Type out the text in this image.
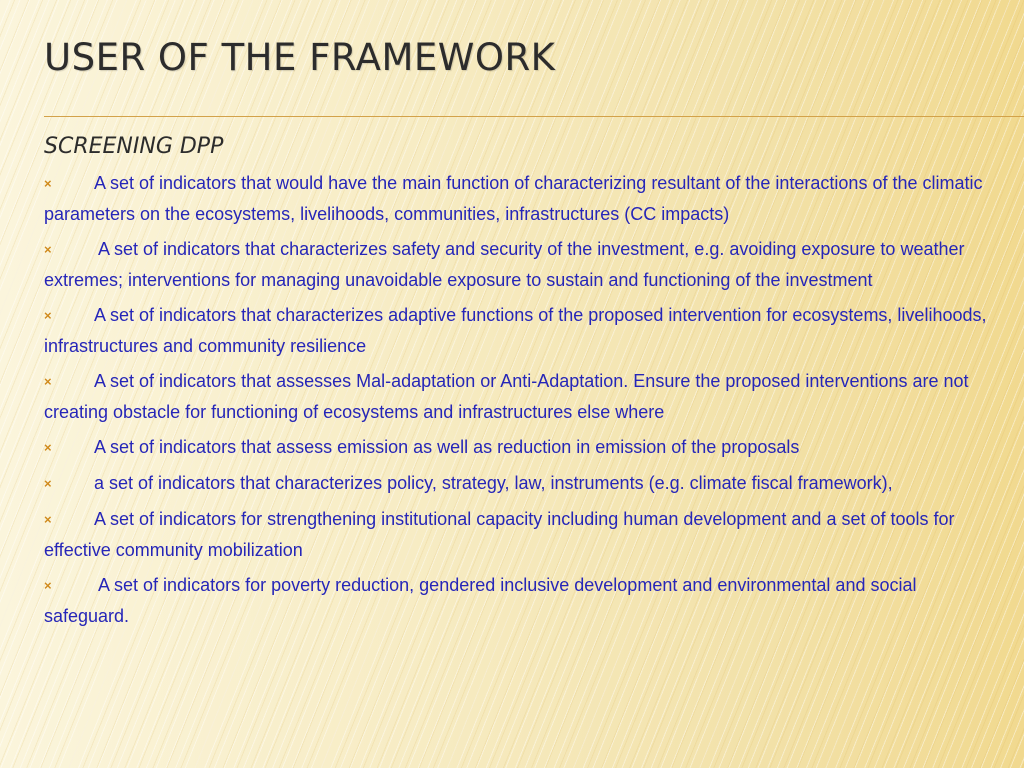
USER OF THE FRAMEWORK
SCREENING DPP
×A set of indicators that would have the main function of characterizing resultant of the interactions of the climatic parameters on the ecosystems, livelihoods, communities, infrastructures (CC impacts)
× A set of indicators that characterizes safety and security of the investment, e.g. avoiding exposure to weather extremes; interventions for managing unavoidable exposure to sustain and functioning of the investment
×A set of indicators that characterizes adaptive functions of the proposed intervention for ecosystems, livelihoods, infrastructures and community resilience
×A set of indicators that assesses Mal-adaptation or Anti-Adaptation. Ensure the proposed interventions are not creating obstacle for functioning of ecosystems and infrastructures else where
×A set of indicators that assess emission as well as reduction in emission of the proposals
×a set of indicators that characterizes policy, strategy, law, instruments (e.g. climate fiscal framework),
×A set of indicators for strengthening institutional capacity including human development and a set of tools for effective community mobilization
× A set of indicators for poverty reduction, gendered inclusive development and environmental and social safeguard.
